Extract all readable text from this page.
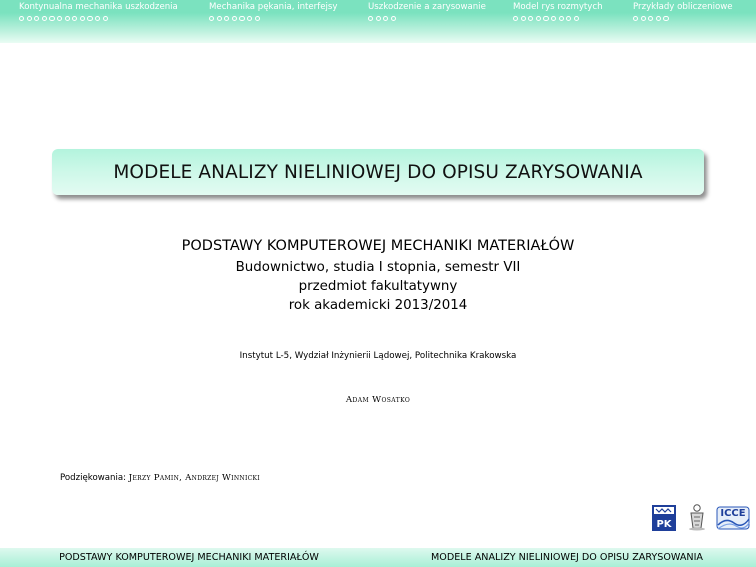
Kontynualna mechanika uszkodzenia	Mechanika pękania, interfejsy	Uszkodzenie a zarysowanie	Model rys rozmytych	Przykłady obliczeniowe
MODELE ANALIZY NIELINIOWEJ DO OPISU ZARYSOWANIA
PODSTAWY KOMPUTEROWEJ MECHANIKI MATERIAŁÓW
Budownictwo, studia I stopnia, semestr VII
przedmiot fakultatywny
rok akademicki 2013/2014
Instytut L-5, Wydział Inżynierii Lądowej, Politechnika Krakowska
Adam Wosatko
Podziękowania: Jerzy Pamin, Andrzej Winnicki
PK
ICCE
PODSTAWY KOMPUTEROWEJ MECHANIKI MATERIAŁÓW	MODELE ANALIZY NIELINIOWEJ DO OPISU ZARYSOWANIA
